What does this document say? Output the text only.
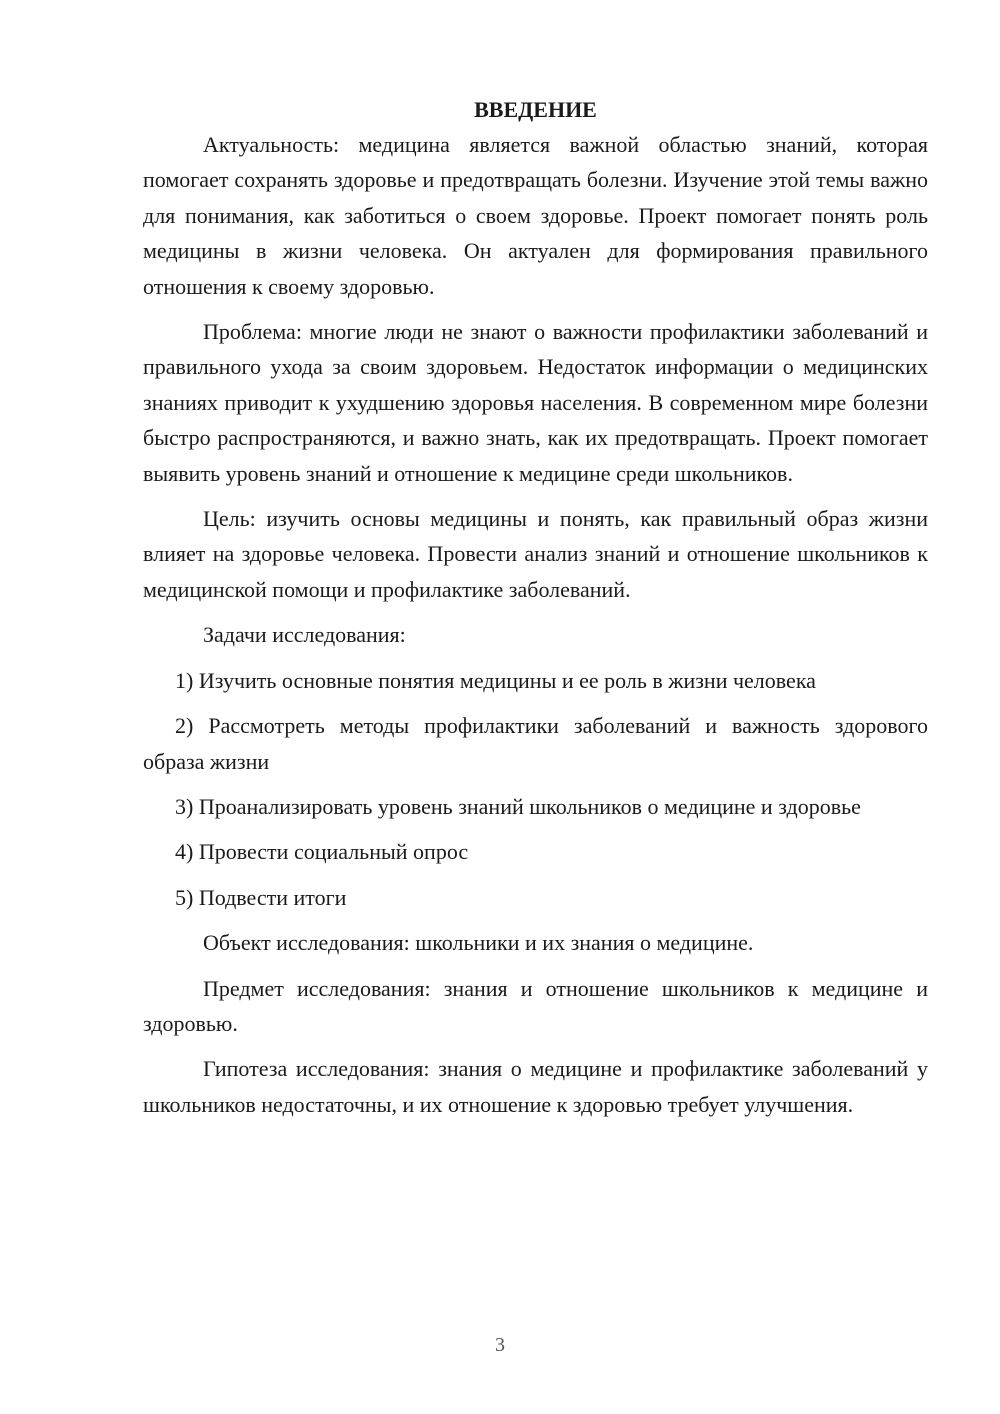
ВВЕДЕНИЕ

Актуальность: медицина является важной областью знаний, которая помогает сохранять здоровье и предотвращать болезни. Изучение этой темы важно для понимания, как заботиться о своем здоровье. Проект помогает понять роль медицины в жизни человека. Он актуален для формирования правильного отношения к своему здоровью.

Проблема: многие люди не знают о важности профилактики заболеваний и правильного ухода за своим здоровьем. Недостаток информации о медицинских знаниях приводит к ухудшению здоровья населения. В современном мире болезни быстро распространяются, и важно знать, как их предотвращать. Проект помогает выявить уровень знаний и отношение к медицине среди школьников.

Цель: изучить основы медицины и понять, как правильный образ жизни влияет на здоровье человека. Провести анализ знаний и отношение школьников к медицинской помощи и профилактике заболеваний.

Задачи исследования:

1) Изучить основные понятия медицины и ее роль в жизни человека

2) Рассмотреть методы профилактики заболеваний и важность здорового образа жизни

3) Проанализировать уровень знаний школьников о медицине и здоровье

4) Провести социальный опрос

5) Подвести итоги

Объект исследования: школьники и их знания о медицине.

Предмет исследования: знания и отношение школьников к медицине и здоровью.

Гипотеза исследования: знания о медицине и профилактике заболеваний у школьников недостаточны, и их отношение к здоровью требует улучшения.

3
